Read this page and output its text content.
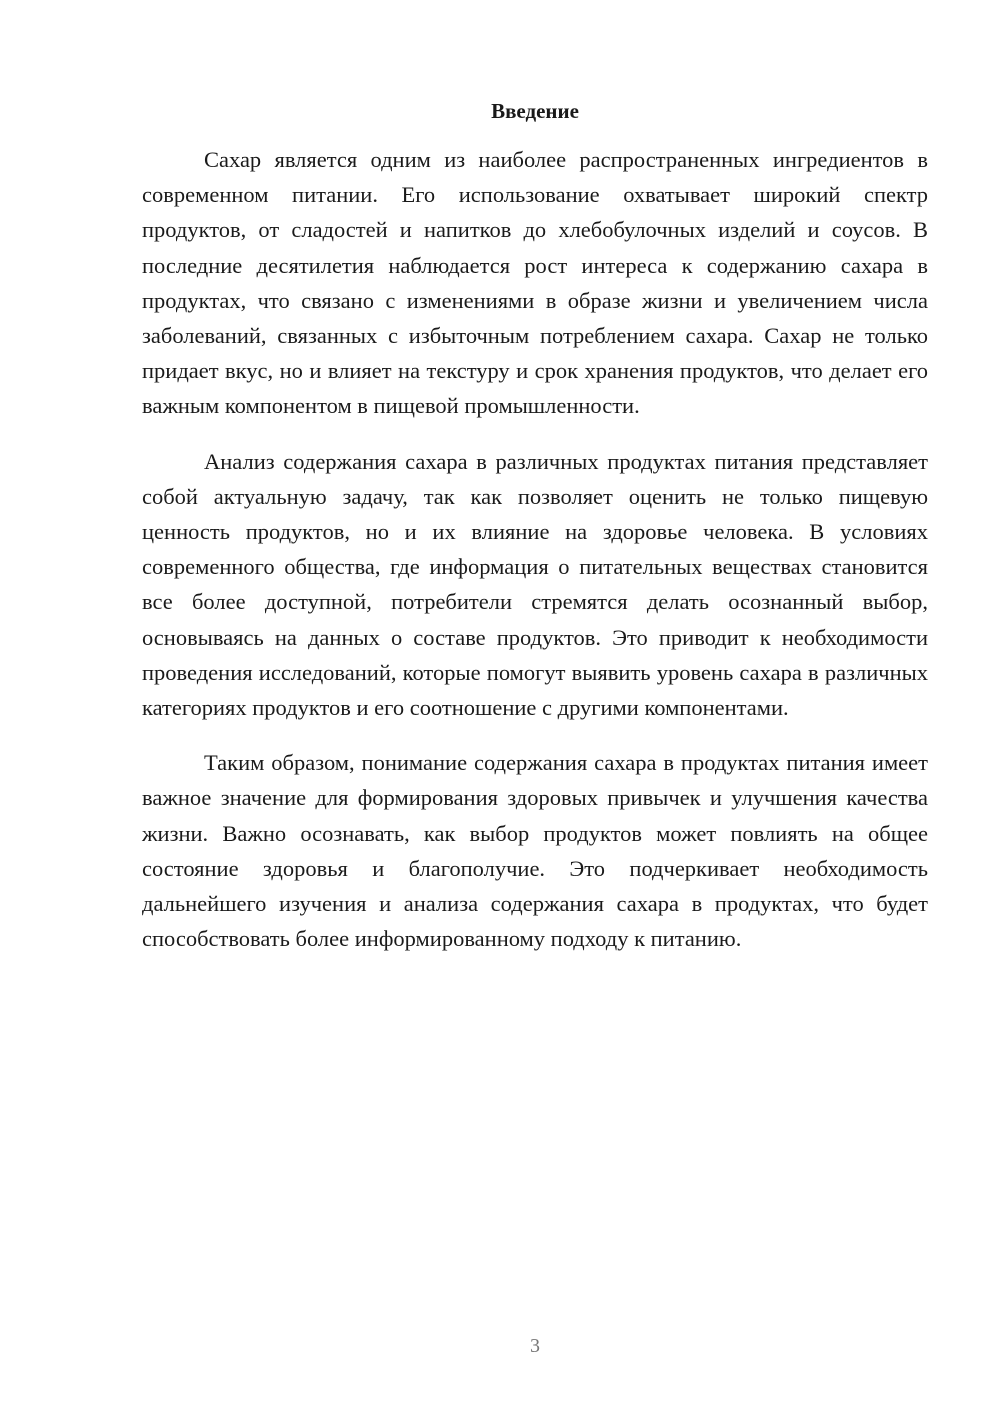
Введение

Сахар является одним из наиболее распространенных ингредиентов в современном питании. Его использование охватывает широкий спектр продуктов, от сладостей и напитков до хлебобулочных изделий и соусов. В последние десятилетия наблюдается рост интереса к содержанию сахара в продуктах, что связано с изменениями в образе жизни и увеличением числа заболеваний, связанных с избыточным потреблением сахара. Сахар не только придает вкус, но и влияет на текстуру и срок хранения продуктов, что делает его важным компонентом в пищевой промышленности.

Анализ содержания сахара в различных продуктах питания представляет собой актуальную задачу, так как позволяет оценить не только пищевую ценность продуктов, но и их влияние на здоровье человека. В условиях современного общества, где информация о питательных веществах становится все более доступной, потребители стремятся делать осознанный выбор, основываясь на данных о составе продуктов. Это приводит к необходимости проведения исследований, которые помогут выявить уровень сахара в различных категориях продуктов и его соотношение с другими компонентами.

Таким образом, понимание содержания сахара в продуктах питания имеет важное значение для формирования здоровых привычек и улучшения качества жизни. Важно осознавать, как выбор продуктов может повлиять на общее состояние здоровья и благополучие. Это подчеркивает необходимость дальнейшего изучения и анализа содержания сахара в продуктах, что будет способствовать более информированному подходу к питанию.

3
